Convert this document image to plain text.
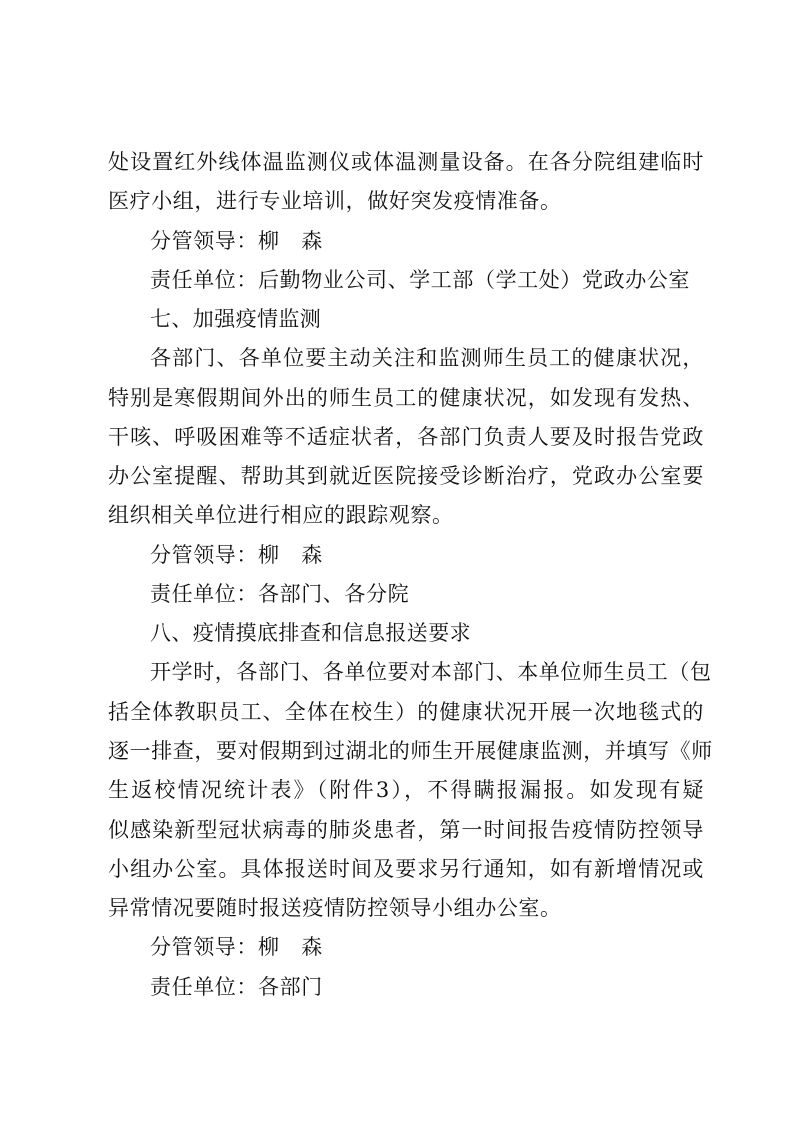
处设置红外线体温监测仪或体温测量设备。在各分院组建临时
医疗小组，进行专业培训，做好突发疫情准备。
分管领导：柳　森
责任单位：后勤物业公司、学工部（学工处）党政办公室
七、加强疫情监测
各部门、各单位要主动关注和监测师生员工的健康状况，
特别是寒假期间外出的师生员工的健康状况，如发现有发热、
干咳、呼吸困难等不适症状者，各部门负责人要及时报告党政
办公室提醒、帮助其到就近医院接受诊断治疗，党政办公室要
组织相关单位进行相应的跟踪观察。
分管领导：柳　森
责任单位：各部门、各分院
八、疫情摸底排查和信息报送要求
开学时，各部门、各单位要对本部门、本单位师生员工（包
括全体教职员工、全体在校生）的健康状况开展一次地毯式的
逐一排查，要对假期到过湖北的师生开展健康监测，并填写《师
生返校情况统计表》（附件3），不得瞒报漏报。如发现有疑
似感染新型冠状病毒的肺炎患者，第一时间报告疫情防控领导
小组办公室。具体报送时间及要求另行通知，如有新增情况或
异常情况要随时报送疫情防控领导小组办公室。
分管领导：柳　森
责任单位：各部门
